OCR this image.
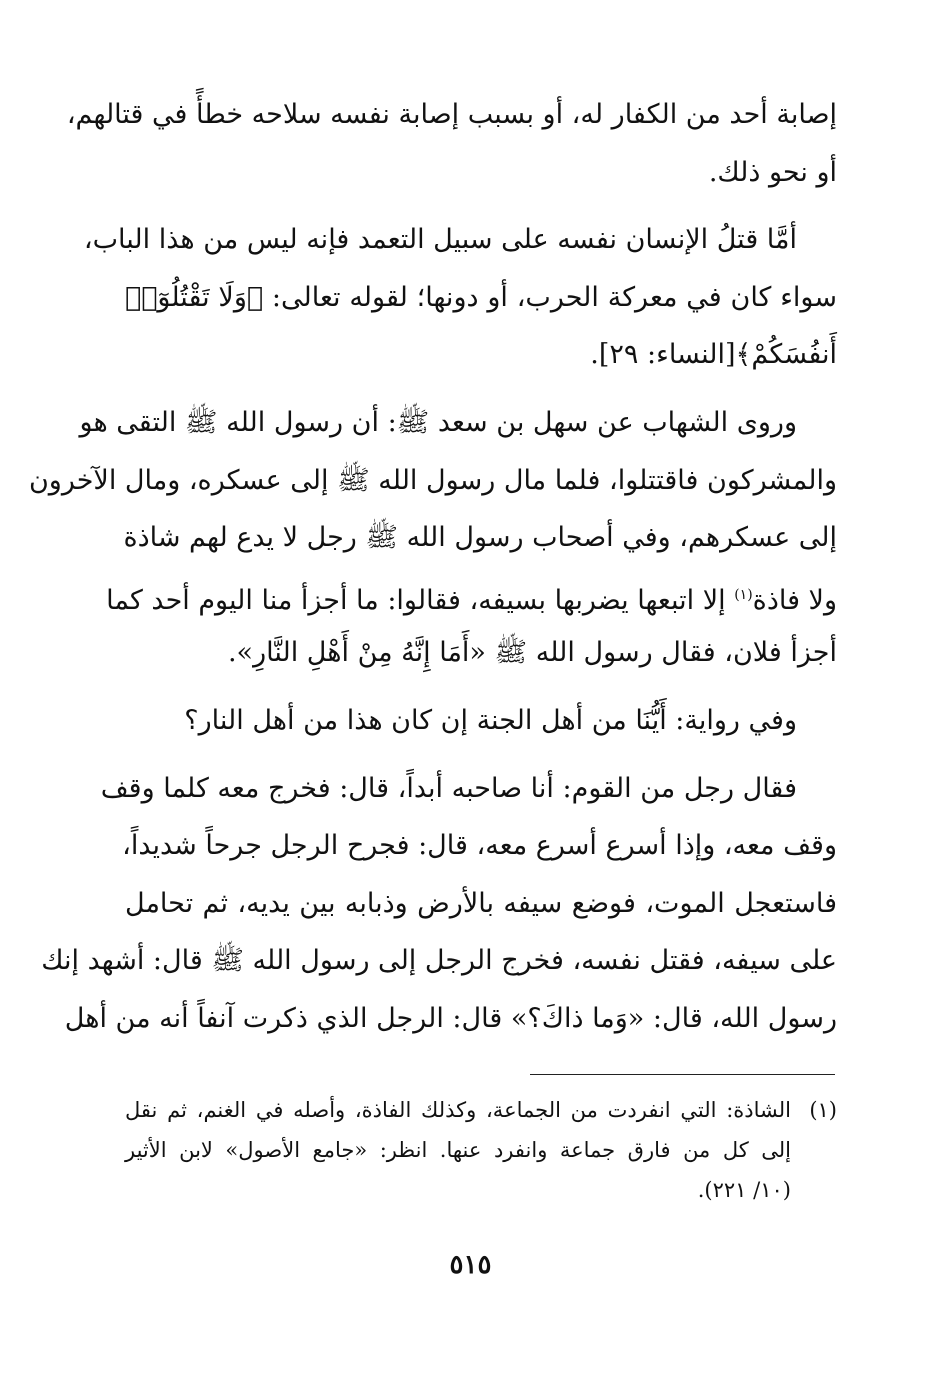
إصابة أحد من الكفار له، أو بسبب إصابة نفسه سلاحه خطأً في قتالهم،
أو نحو ذلك.
أمَّا قتلُ الإنسان نفسه على سبيل التعمد فإنه ليس من هذا الباب،
سواء كان في معركة الحرب، أو دونها؛ لقوله تعالى: ﴿وَلَا تَقْتُلُوٓا۟
أَنفُسَكُمْ﴾[النساء: ٢٩].
وروى الشهاب عن سهل بن سعد ﷺ: أن رسول الله ﷺ التقى هو
والمشركون فاقتتلوا، فلما مال رسول الله ﷺ إلى عسكره، ومال الآخرون
إلى عسكرهم، وفي أصحاب رسول الله ﷺ رجل لا يدع لهم شاذة
ولا فاذة$^{(١)}$ إلا اتبعها يضربها بسيفه، فقالوا: ما أجزأ منا اليوم أحد كما
أجزأ فلان، فقال رسول الله ﷺ «أَمَا إِنَّهُ مِنْ أَهْلِ النَّارِ».
وفي رواية: أَيُّنَا من أهل الجنة إن كان هذا من أهل النار؟
فقال رجل من القوم: أنا صاحبه أبداً، قال: فخرج معه كلما وقف
وقف معه، وإذا أسرع أسرع معه، قال: فجرح الرجل جرحاً شديداً،
فاستعجل الموت، فوضع سيفه بالأرض وذبابه بين يديه، ثم تحامل
على سيفه، فقتل نفسه، فخرج الرجل إلى رسول الله ﷺ قال: أشهد إنك
رسول الله، قال: «وَما ذاكَ؟» قال: الرجل الذي ذكرت آنفاً أنه من أهل
(١)الشاذة: التي انفردت من الجماعة، وكذلك الفاذة، وأصله في الغنم، ثم نقل
إلى كل من فارق جماعة وانفرد عنها. انظر: «جامع الأصول» لابن الأثير
(١٠/ ٢٢١).
٥١٥
